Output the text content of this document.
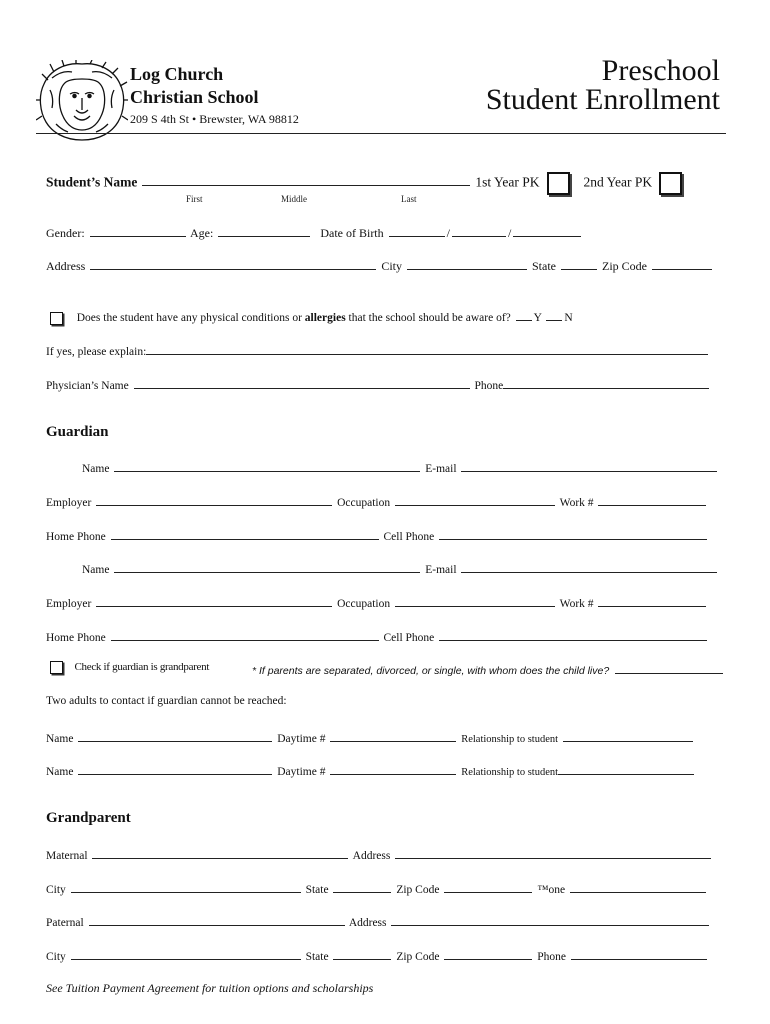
Log Church
Christian School
209 S 4th St • Brewster, WA 98812
Preschool
Student Enrollment
Student’s Name	1st Year PK	2nd Year PK
First	Middle	Last
Gender:	Age:	Date of Birth	/	/
Address	City	State	Zip Code
Does the student have any physical conditions or allergies that the school should be aware of? Y N
If yes, please explain:
Physician’s Name	Phone
Guardian
Name	E-mail
Employer	Occupation	Work #
Home Phone	Cell Phone
Name	E-mail
Employer	Occupation	Work #
Home Phone	Cell Phone
Check if guardian is grandparent	* If parents are separated, divorced, or single, with whom does the child live?
Two adults to contact if guardian cannot be reached:
Name	Daytime #	Relationship to student
Name	Daytime #	Relationship to student
Grandparent
Maternal	Address
City	State	Zip Code	™one
Paternal	Address
City	State	Zip Code	Phone
See Tuition Payment Agreement for tuition options and scholarships
